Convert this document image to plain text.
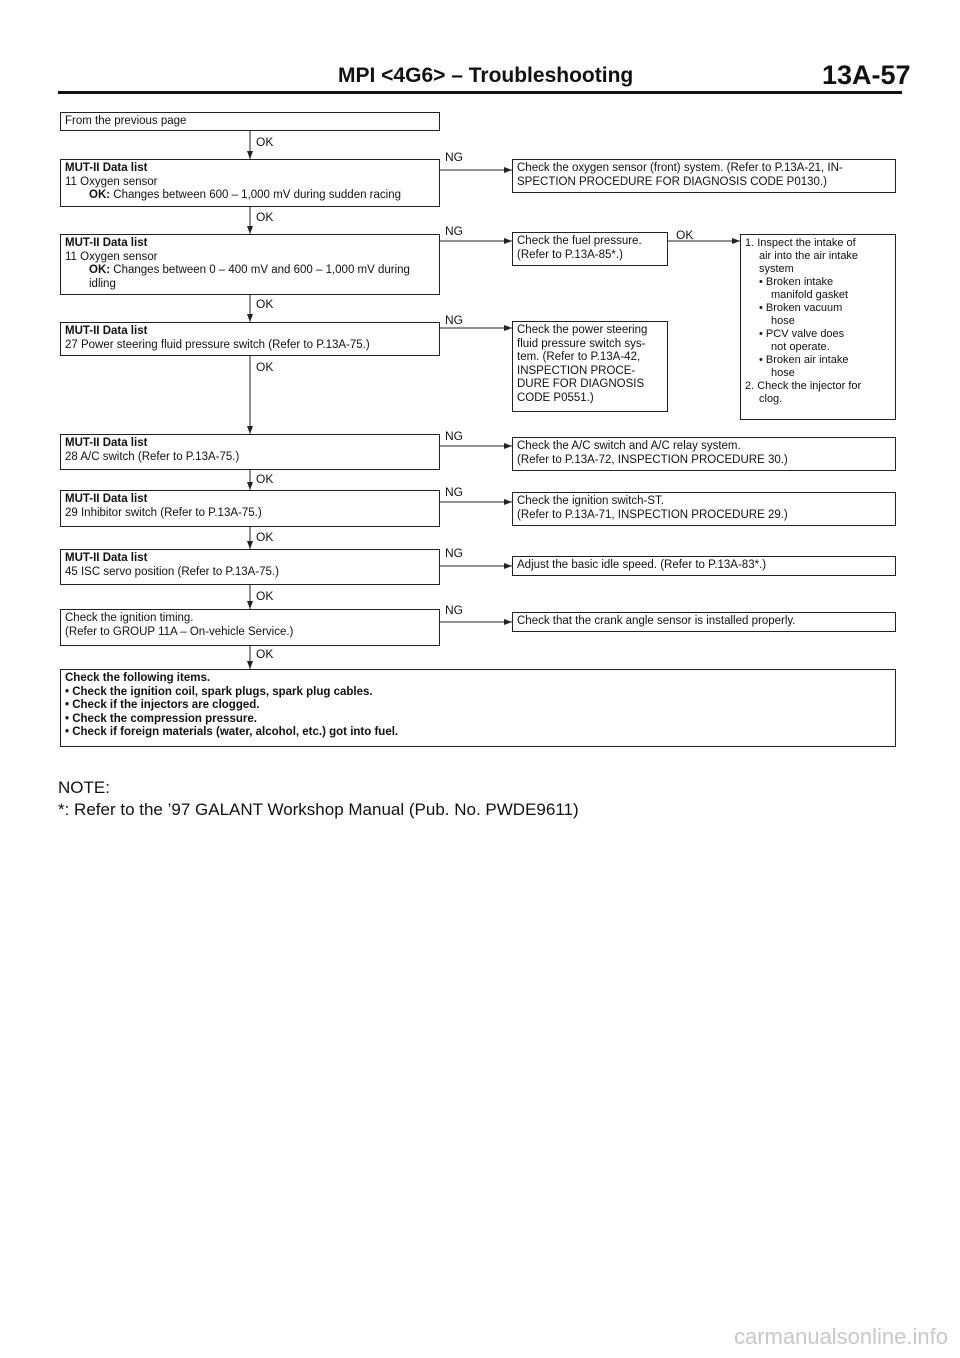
MPI <4G6> – Troubleshooting	13A-57
OK
OK
OK
OK
OK
OK
OK
OK
OK
NG
NG
NG
NG
NG
NG
NG
From the previous page
MUT-II Data list
11 Oxygen sensor
OK: Changes between 600 – 1,000 mV during sudden racing
Check the oxygen sensor (front) system. (Refer to P.13A-21, IN-
SPECTION PROCEDURE FOR DIAGNOSIS CODE P0130.)
MUT-II Data list
11 Oxygen sensor
OK: Changes between 0 – 400 mV and 600 – 1,000 mV during
idling
Check the fuel pressure.
(Refer to P.13A-85*.)
1. Inspect the intake of
air into the air intake
system
• Broken intake
manifold gasket
• Broken vacuum
hose
• PCV valve does
not operate.
• Broken air intake
hose
2. Check the injector for
clog.
MUT-II Data list
27 Power steering fluid pressure switch (Refer to P.13A-75.)
Check the power steering
fluid pressure switch sys-
tem. (Refer to P.13A-42,
INSPECTION PROCE-
DURE FOR DIAGNOSIS
CODE P0551.)
MUT-II Data list
28 A/C switch (Refer to P.13A-75.)
Check the A/C switch and A/C relay system.
(Refer to P.13A-72, INSPECTION PROCEDURE 30.)
MUT-II Data list
29 Inhibitor switch (Refer to P.13A-75.)
Check the ignition switch-ST.
(Refer to P.13A-71, INSPECTION PROCEDURE 29.)
MUT-II Data list
45 ISC servo position (Refer to P.13A-75.)
Adjust the basic idle speed. (Refer to P.13A-83*.)
Check the ignition timing.
(Refer to GROUP 11A – On-vehicle Service.)
Check that the crank angle sensor is installed properly.
Check the following items.
• Check the ignition coil, spark plugs, spark plug cables.
• Check if the injectors are clogged.
• Check the compression pressure.
• Check if foreign materials (water, alcohol, etc.) got into fuel.
NOTE:
*: Refer to the ’97 GALANT Workshop Manual (Pub. No. PWDE9611)
carmanualsonline.info
